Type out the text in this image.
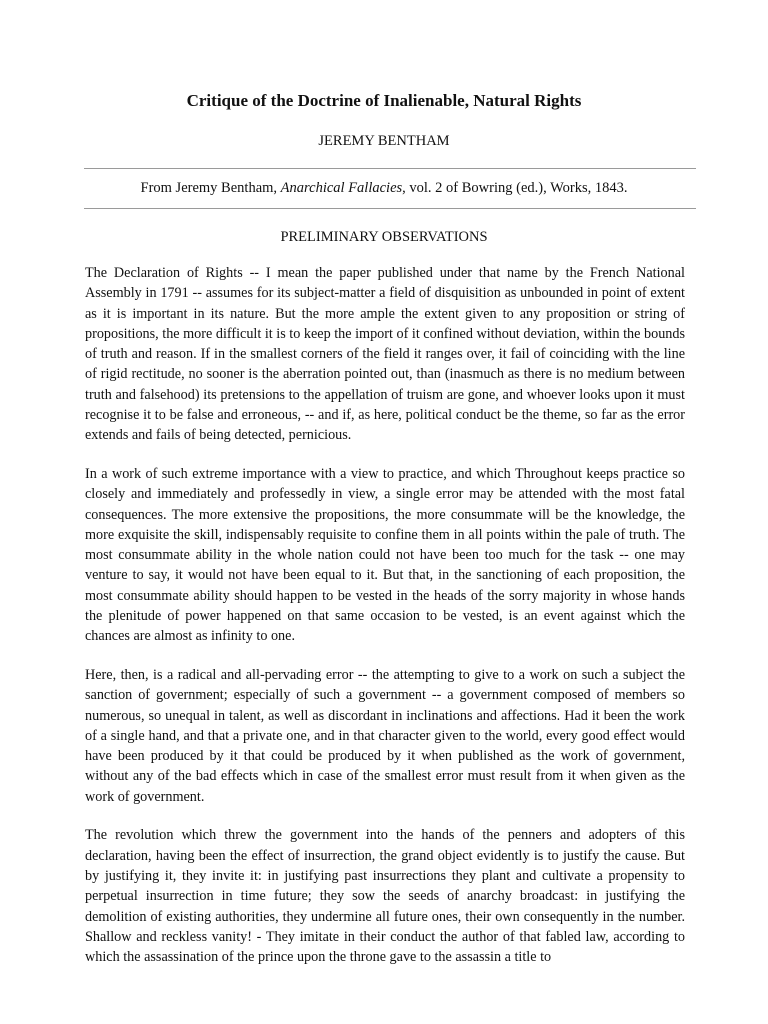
Critique of the Doctrine of Inalienable, Natural Rights
JEREMY BENTHAM
From Jeremy Bentham, Anarchical Fallacies, vol. 2 of Bowring (ed.), Works, 1843.
PRELIMINARY OBSERVATIONS

The Declaration of Rights -- I mean the paper published under that name by the French National Assembly in 1791 -- assumes for its subject-matter a field of disquisition as unbounded in point of extent as it is important in its nature. But the more ample the extent given to any proposition or string of propositions, the more difficult it is to keep the import of it confined without deviation, within the bounds of truth and reason. If in the smallest corners of the field it ranges over, it fail of coinciding with the line of rigid rectitude, no sooner is the aberration pointed out, than (inasmuch as there is no medium between truth and falsehood) its pretensions to the appellation of truism are gone, and whoever looks upon it must recognise it to be false and erroneous, -- and if, as here, political conduct be the theme, so far as the error extends and fails of being detected, pernicious.

In a work of such extreme importance with a view to practice, and which Throughout keeps practice so closely and immediately and professedly in view, a single error may be attended with the most fatal consequences. The more extensive the propositions, the more consummate will be the knowledge, the more exquisite the skill, indispensably requisite to confine them in all points within the pale of truth. The most consummate ability in the whole nation could not have been too much for the task -- one may venture to say, it would not have been equal to it. But that, in the sanctioning of each proposition, the most consummate ability should happen to be vested in the heads of the sorry majority in whose hands the plenitude of power happened on that same occasion to be vested, is an event against which the chances are almost as infinity to one.

Here, then, is a radical and all-pervading error -- the attempting to give to a work on such a subject the sanction of government; especially of such a government -- a government composed of members so numerous, so unequal in talent, as well as discordant in inclinations and affections. Had it been the work of a single hand, and that a private one, and in that character given to the world, every good effect would have been produced by it that could be produced by it when published as the work of government, without any of the bad effects which in case of the smallest error must result from it when given as the work of government.

The revolution which threw the government into the hands of the penners and adopters of this declaration, having been the effect of insurrection, the grand object evidently is to justify the cause. But by justifying it, they invite it: in justifying past insurrections they plant and cultivate a propensity to perpetual insurrection in time future; they sow the seeds of anarchy broadcast: in justifying the demolition of existing authorities, they undermine all future ones, their own consequently in the number. Shallow and reckless vanity! - They imitate in their conduct the author of that fabled law, according to which the assassination of the prince upon the throne gave to the assassin a title to
